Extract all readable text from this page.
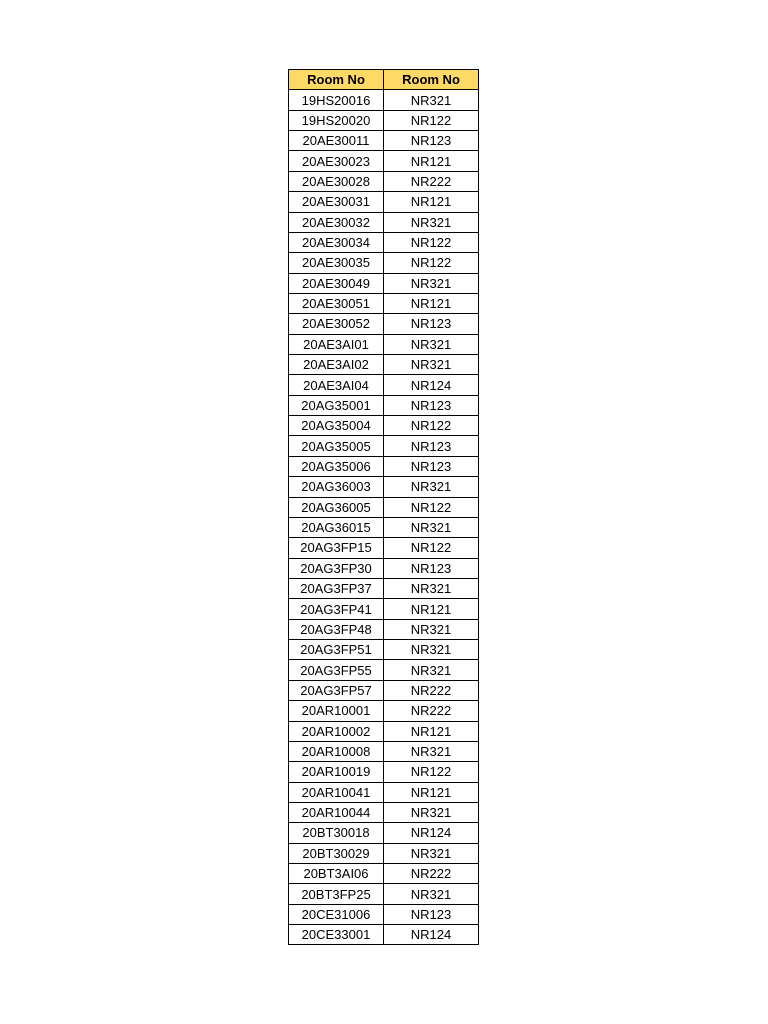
Room No	Room No
19HS20016	NR321
19HS20020	NR122
20AE30011	NR123
20AE30023	NR121
20AE30028	NR222
20AE30031	NR121
20AE30032	NR321
20AE30034	NR122
20AE30035	NR122
20AE30049	NR321
20AE30051	NR121
20AE30052	NR123
20AE3AI01	NR321
20AE3AI02	NR321
20AE3AI04	NR124
20AG35001	NR123
20AG35004	NR122
20AG35005	NR123
20AG35006	NR123
20AG36003	NR321
20AG36005	NR122
20AG36015	NR321
20AG3FP15	NR122
20AG3FP30	NR123
20AG3FP37	NR321
20AG3FP41	NR121
20AG3FP48	NR321
20AG3FP51	NR321
20AG3FP55	NR321
20AG3FP57	NR222
20AR10001	NR222
20AR10002	NR121
20AR10008	NR321
20AR10019	NR122
20AR10041	NR121
20AR10044	NR321
20BT30018	NR124
20BT30029	NR321
20BT3AI06	NR222
20BT3FP25	NR321
20CE31006	NR123
20CE33001	NR124
